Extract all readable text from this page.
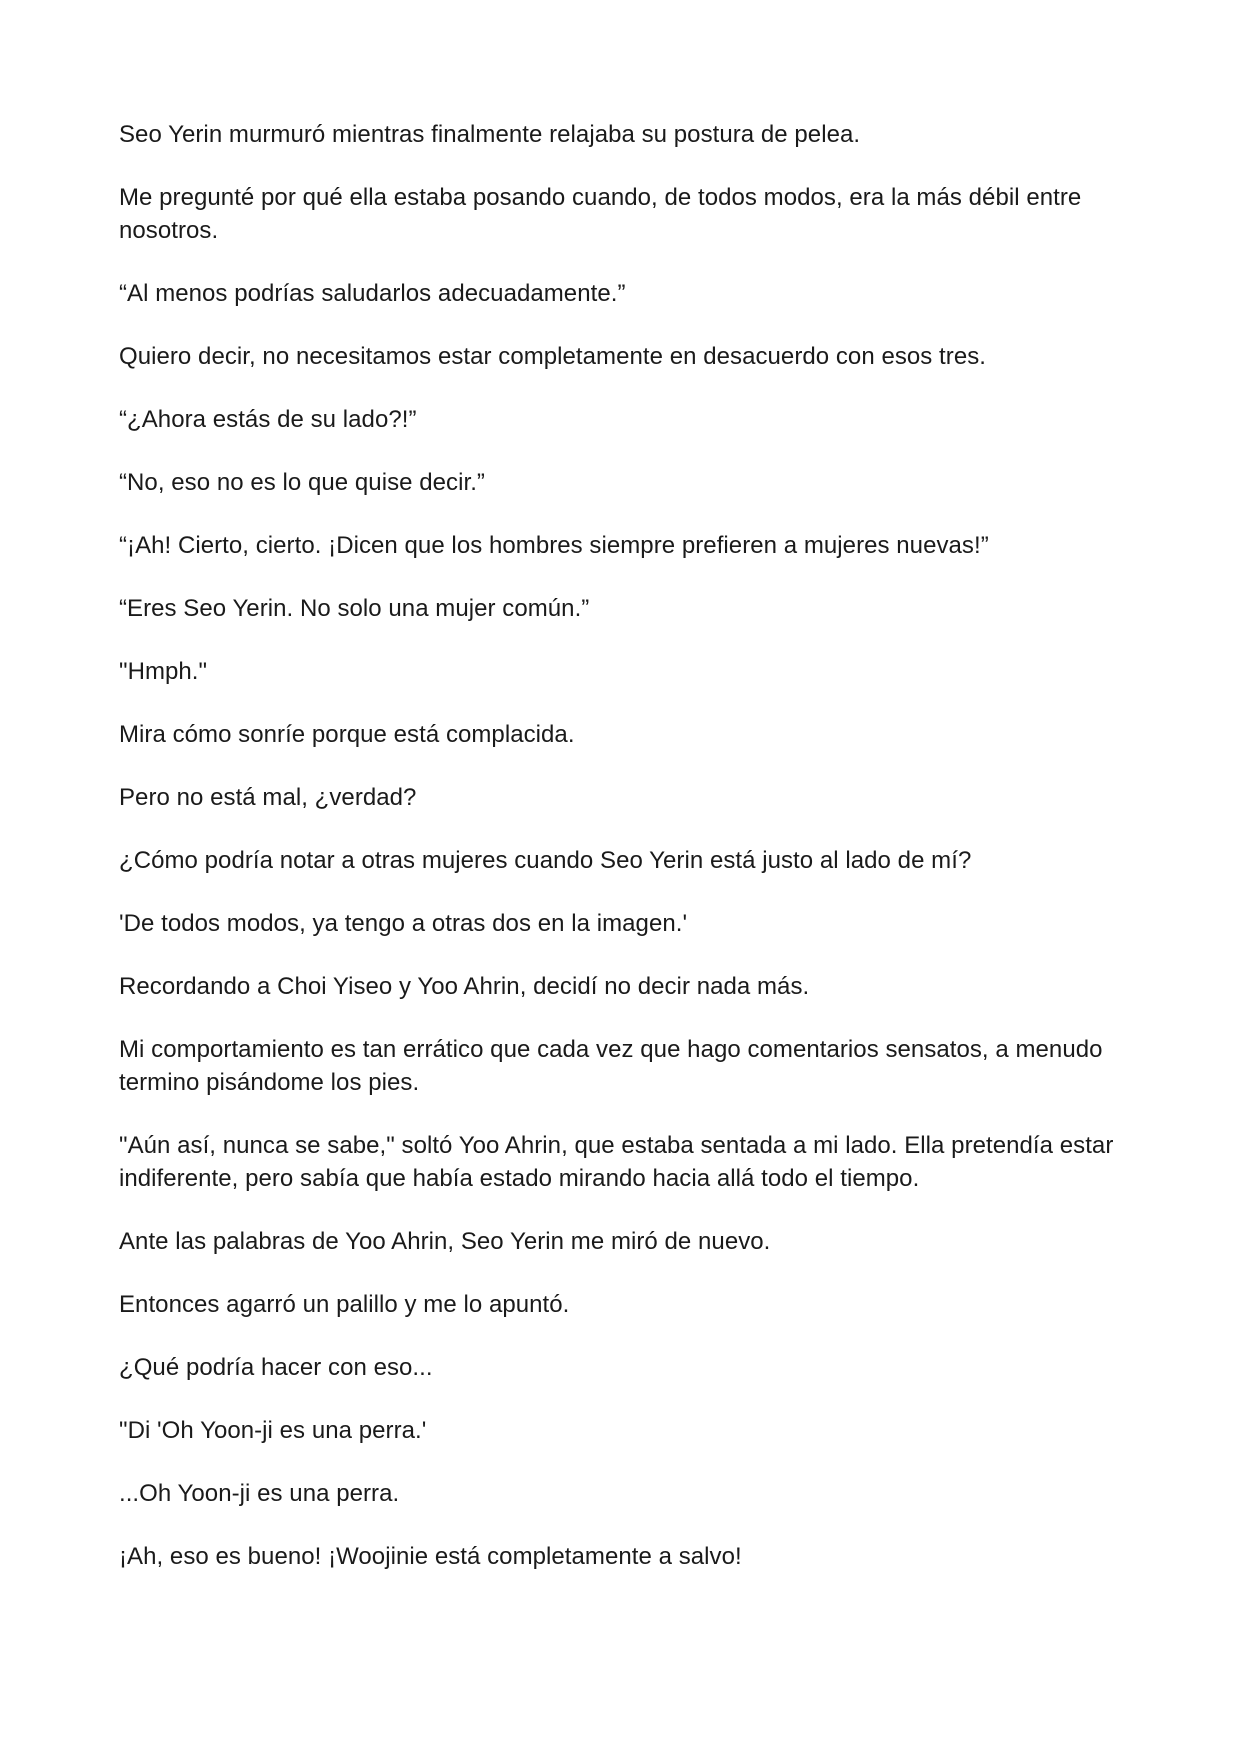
Seo Yerin murmuró mientras finalmente relajaba su postura de pelea.

Me pregunté por qué ella estaba posando cuando, de todos modos, era la más débil entre nosotros.

“Al menos podrías saludarlos adecuadamente.”

Quiero decir, no necesitamos estar completamente en desacuerdo con esos tres.

“¿Ahora estás de su lado?!”

“No, eso no es lo que quise decir.”

“¡Ah! Cierto, cierto. ¡Dicen que los hombres siempre prefieren a mujeres nuevas!”

“Eres Seo Yerin. No solo una mujer común.”

"Hmph."

Mira cómo sonríe porque está complacida.

Pero no está mal, ¿verdad?

¿Cómo podría notar a otras mujeres cuando Seo Yerin está justo al lado de mí?

'De todos modos, ya tengo a otras dos en la imagen.'

Recordando a Choi Yiseo y Yoo Ahrin, decidí no decir nada más.

Mi comportamiento es tan errático que cada vez que hago comentarios sensatos, a menudo termino pisándome los pies.

"Aún así, nunca se sabe," soltó Yoo Ahrin, que estaba sentada a mi lado. Ella pretendía estar indiferente, pero sabía que había estado mirando hacia allá todo el tiempo.

Ante las palabras de Yoo Ahrin, Seo Yerin me miró de nuevo.

Entonces agarró un palillo y me lo apuntó.

¿Qué podría hacer con eso...

"Di 'Oh Yoon-ji es una perra.'

...Oh Yoon-ji es una perra.

¡Ah, eso es bueno! ¡Woojinie está completamente a salvo!
